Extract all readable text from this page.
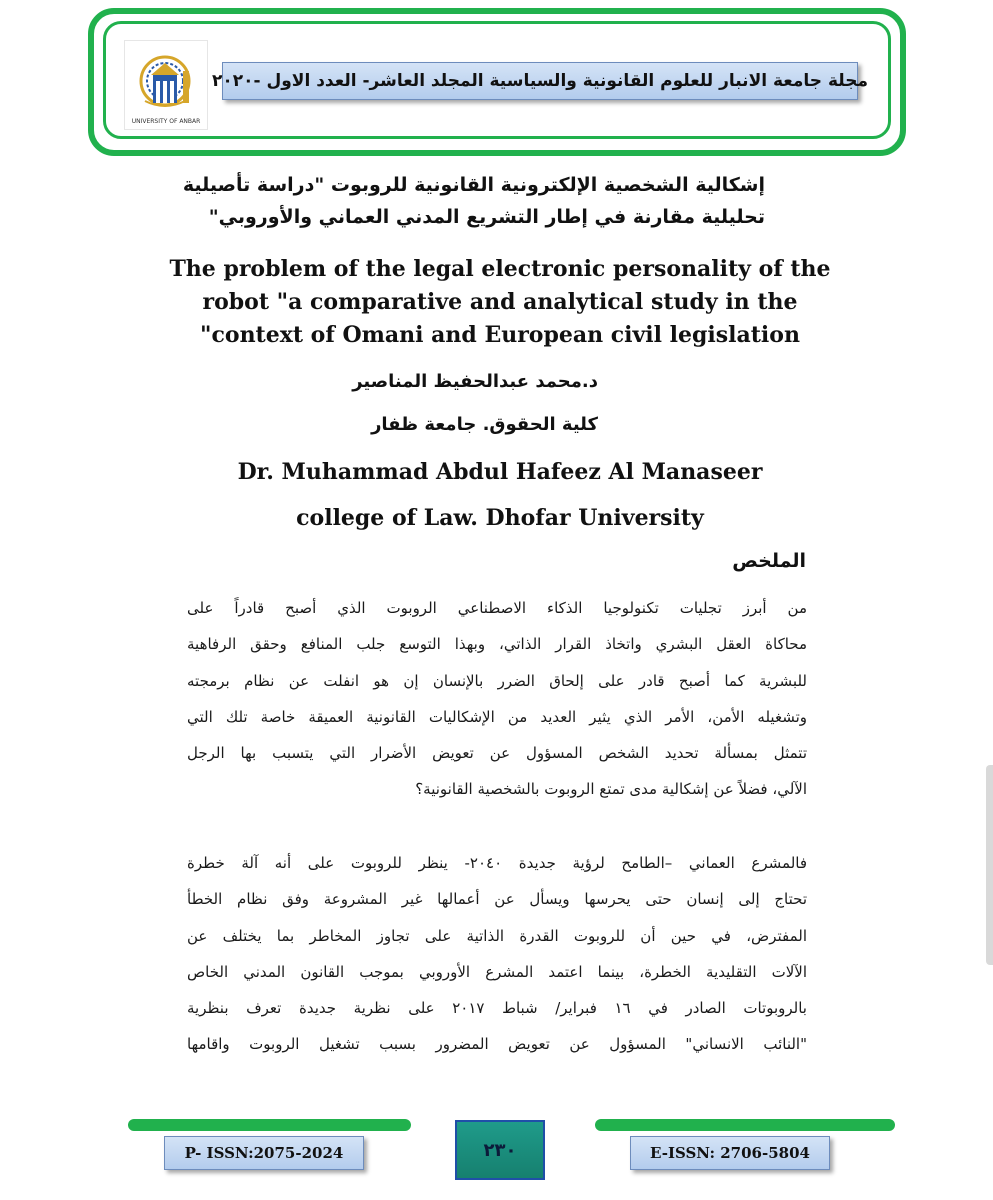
UNIVERSITY OF ANBAR
مجلة جامعة الانبار للعلوم القانونية والسياسية المجلد العاشر- العدد الاول -٢٠٢٠
إشكالية الشخصية الإلكترونية القانونية للروبوت "دراسة تأصيلية
تحليلية مقارنة في إطار التشريع المدني العماني والأوروبي"
The problem of the legal electronic personality of the
robot "a comparative and analytical study in the
"context of Omani and European civil legislation
د.محمد عبدالحفيظ المناصير
كلية الحقوق. جامعة ظفار
Dr. Muhammad Abdul Hafeez Al Manaseer
college of Law. Dhofar University
الملخص
من أبرز تجليات تكنولوجيا الذكاء الاصطناعي الروبوت الذي أصبح قادراً على
محاكاة العقل البشري واتخاذ القرار الذاتي، وبهذا التوسع جلب المنافع وحقق الرفاهية
للبشرية كما أصبح قادر على إلحاق الضرر بالإنسان إن هو انفلت عن نظام برمجته
وتشغيله الأمن، الأمر الذي يثير العديد من الإشكاليات القانونية العميقة خاصة تلك التي
تتمثل بمسألة تحديد الشخص المسؤول عن تعويض الأضرار التي يتسبب بها الرجل
الآلي، فضلاً عن إشكالية مدى تمتع الروبوت بالشخصية القانونية؟
فالمشرع العماني –الطامح لرؤية جديدة ٢٠٤٠- ينظر للروبوت على أنه آلة خطرة
تحتاج إلى إنسان حتى يحرسها ويسأل عن أعمالها غير المشروعة وفق نظام الخطأ
المفترض، في حين أن للروبوت القدرة الذاتية على تجاوز المخاطر بما يختلف عن
الآلات التقليدية الخطرة، بينما اعتمد المشرع الأوروبي بموجب القانون المدني الخاص
بالروبوتات الصادر في ١٦ فبراير/ شباط ٢٠١٧ على نظرية جديدة تعرف بنظرية
"النائب الانساني" المسؤول عن تعويض المضرور بسبب تشغيل الروبوت واقامها
P- ISSN:2075-2024	٢٣٠	E-ISSN: 2706-5804
